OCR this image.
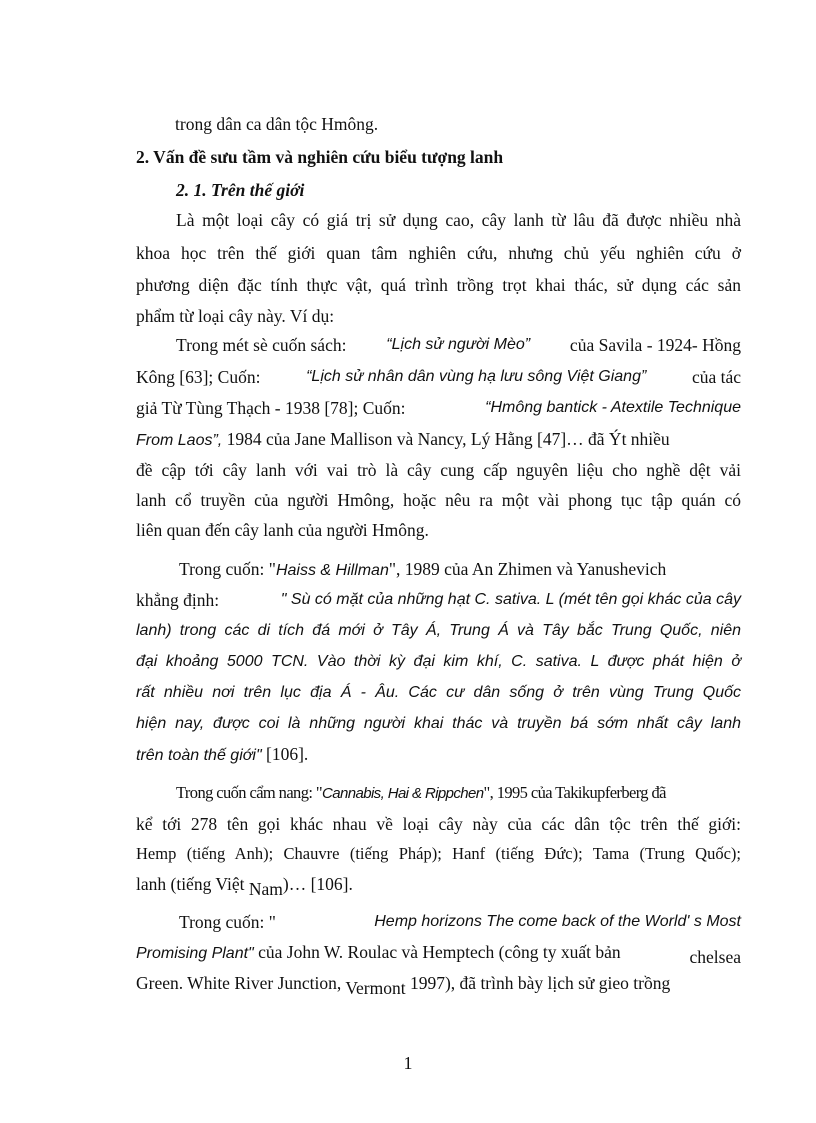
trong dân ca dân tộc Hmông.
2. Vấn đề sưu tầm và nghiên cứu biểu tượng lanh
2. 1. Trên thế giới
Là một loại cây có giá trị sử dụng cao, cây lanh từ lâu đã được nhiều nhà
khoa học trên thế giới quan tâm nghiên cứu, nhưng chủ yếu nghiên cứu ở
phương diện đặc tính thực vật, quá trình trồng trọt khai thác, sử dụng các sản
phẩm từ loại cây này. Ví dụ:
Trong mét sè cuốn sách: “Lịch sử người Mèo” của Savila - 1924- Hồng
Kông [63]; Cuốn:	“Lịch sử nhân dân vùng hạ lưu sông Việt Giang”	của tác
giả Từ Tùng Thạch - 1938 [78]; Cuốn:	“Hmông bantick - Atextile Technique
From Laos”, 1984 của Jane Mallison và Nancy, Lý Hằng [47]… đã Ýt nhiều
đề cập tới cây lanh với vai trò là cây cung cấp nguyên liệu cho nghề dệt vải
lanh cổ truyền của người Hmông, hoặc nêu ra một vài phong tục tập quán có
liên quan đến cây lanh của người Hmông.
Trong cuốn: "Haiss & Hillman", 1989 của An Zhimen và Yanushevich
khẳng định:	" Sù có mặt của những hạt C. sativa. L (mét tên gọi khác của cây
lanh) trong các di tích đá mới ở Tây Á, Trung Á và Tây bắc Trung Quốc, niên
đại khoảng 5000 TCN. Vào thời kỳ đại kim khí, C. sativa. L được phát hiện ở
rất nhiều nơi trên lục địa Á - Âu. Các cư dân sống ở trên vùng Trung Quốc
hiện nay, được coi là những người khai thác và truyền bá sớm nhất cây lanh
trên toàn thế giới" [106].
Trong cuốn cẩm nang: "Cannabis, Hai & Rippchen", 1995 của Takikupferberg đã
kể tới 278 tên gọi khác nhau về loại cây này của các dân tộc trên thế giới:
Hemp (tiếng Anh); Chauvre (tiếng Pháp); Hanf (tiếng Đức); Tama (Trung Quốc);
lanh (tiếng Việt Nam)… [106].
Trong cuốn: "	Hemp horizons The come back of the World' s Most
Promising Plant" của John W. Roulac và Hemptech (công ty xuất bản	chelsea
Green. White River Junction, Vermont 1997), đã trình bày lịch sử gieo trồng
1
